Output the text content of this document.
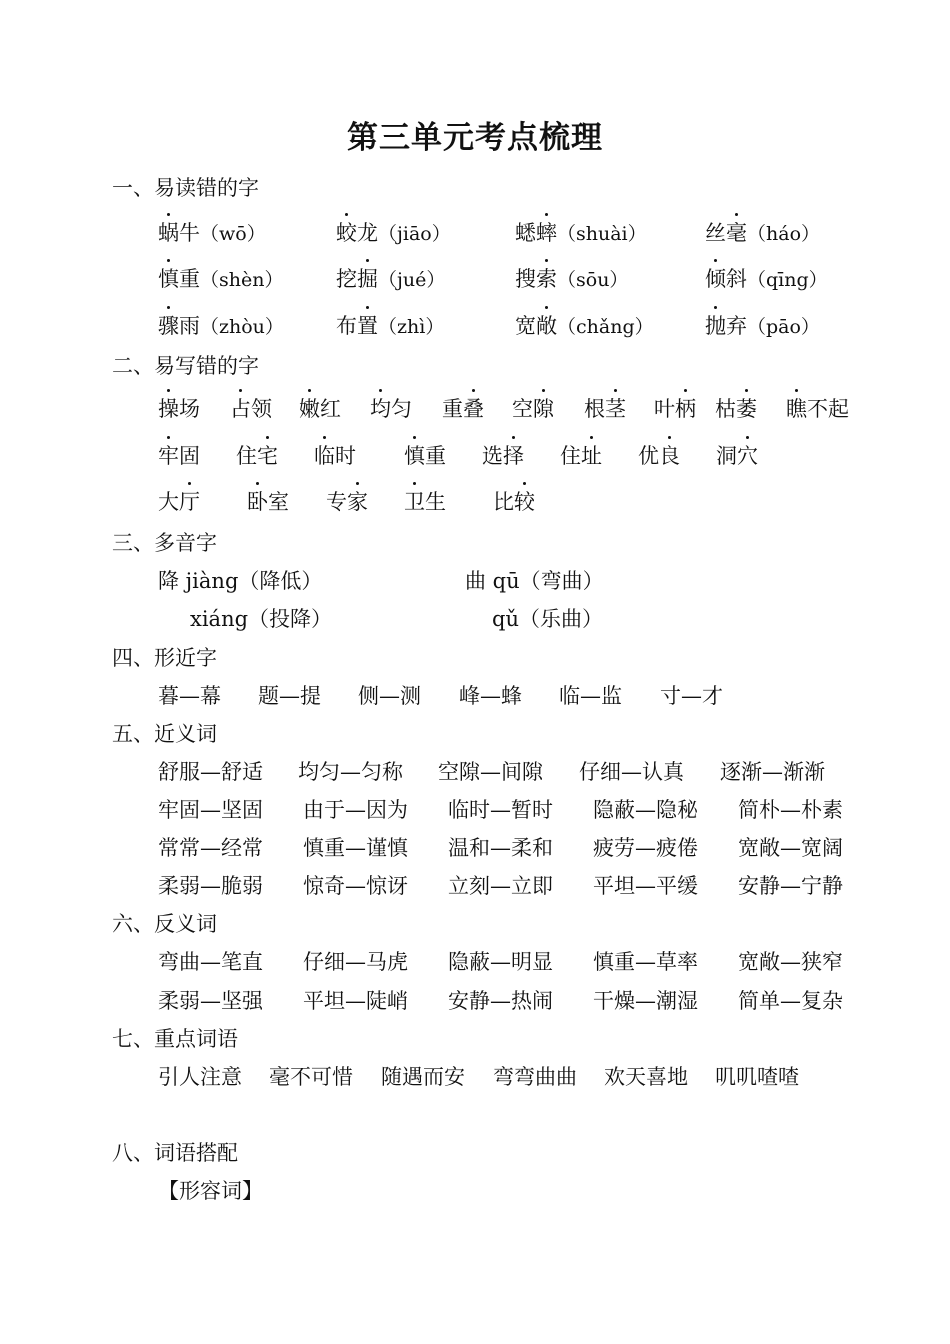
第三单元考点梳理
一、易读错的字
蜗牛（wō）	蛟龙（jiāo）	蟋蟀（shuài）	丝毫（háo）
慎重（shèn）	挖掘（jué）	搜索（sōu）	倾斜（qīng）
骤雨（zhòu） 布置（zhì）	宽敞（chǎng） 抛弃（pāo）
二、易写错的字
操场 占领 嫩红 均匀 重叠 空隙 根茎 叶柄 枯萎 瞧不起
牢固 住宅 临时 慎重 选择 住址 优良 洞穴
大厅 卧室 专家 卫生 比较
三、多音字
降 jiàng（降低）	曲 qū（弯曲）
xiáng（投降）	qǔ（乐曲）
四、形近字
暮—幕 题—提 侧—测 峰—蜂 临—监 寸—才
五、近义词
舒服—舒适 均匀—匀称 空隙—间隙 仔细—认真 逐渐—渐渐
牢固—坚固 由于—因为 临时—暂时 隐蔽—隐秘 简朴—朴素
常常—经常 慎重—谨慎 温和—柔和 疲劳—疲倦 宽敞—宽阔
柔弱—脆弱 惊奇—惊讶 立刻—立即 平坦—平缓 安静—宁静
六、反义词
弯曲—笔直 仔细—马虎 隐蔽—明显 慎重—草率 宽敞—狭窄
柔弱—坚强 平坦—陡峭 安静—热闹 干燥—潮湿 简单—复杂
七、重点词语
引人注意 毫不可惜 随遇而安 弯弯曲曲 欢天喜地 叽叽喳喳
八、词语搭配
【形容词】
